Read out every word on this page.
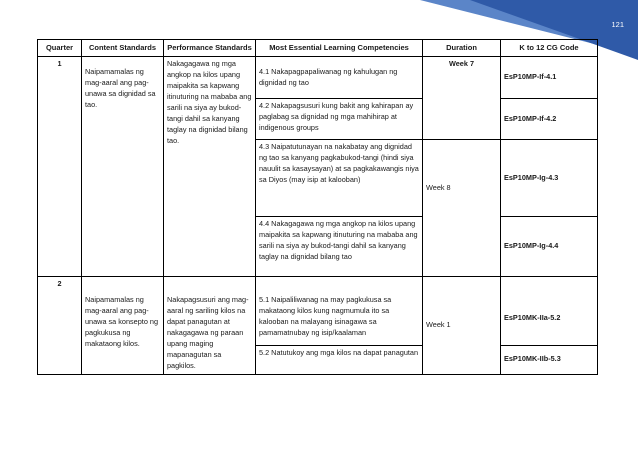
121
Quarter	Content Standards	Performance Standards	Most Essential Learning Competencies	Duration	K to 12 CG Code
1	Naipamamalas ng mag-aaral ang pag-unawa sa dignidad sa tao.	Nakagagawa ng mga angkop na kilos upang maipakita sa kapwang itinuturing na mababa ang sarili na siya ay bukod-tangi dahil sa kanyang taglay na dignidad bilang tao.	4.1 Nakapagpapaliwanag ng kahulugan ng dignidad ng tao	Week 7	EsP10MP-If-4.1
			4.2 Nakapagsusuri kung bakit ang kahirapan ay paglabag sa dignidad ng mga mahihirap at indigenous groups		EsP10MP-If-4.2
			4.3 Naipatutunayan na nakabatay ang dignidad ng tao sa kanyang pagkabukod-tangi (hindi siya nauulit sa kasaysayan) at sa pagkakawangis niya sa Diyos (may isip at kalooban)	Week 8	EsP10MP-Ig-4.3
			4.4 Nakagagawa ng mga angkop na kilos upang maipakita sa kapwang itinuturing na mababa ang sarili na siya ay bukod-tangi dahil sa kanyang taglay na dignidad bilang tao		EsP10MP-Ig-4.4
2	Naipamamalas ng mag-aaral ang pag-unawa sa konsepto ng pagkukusa ng makataong kilos.	Nakapagsusuri ang mag-aaral ng sariling kilos na dapat panagutan at nakagagawa ng paraan upang maging mapanagutan sa pagkilos.	5.1 Naipaliliwanag na may pagkukusa sa makataong kilos kung nagmumula ito sa kalooban na malayang isinagawa sa pamamatnubay ng isip/kaalaman	Week 1	EsP10MK-IIa-5.2
			5.2 Natutukoy ang mga kilos na dapat panagutan		EsP10MK-IIb-5.3
